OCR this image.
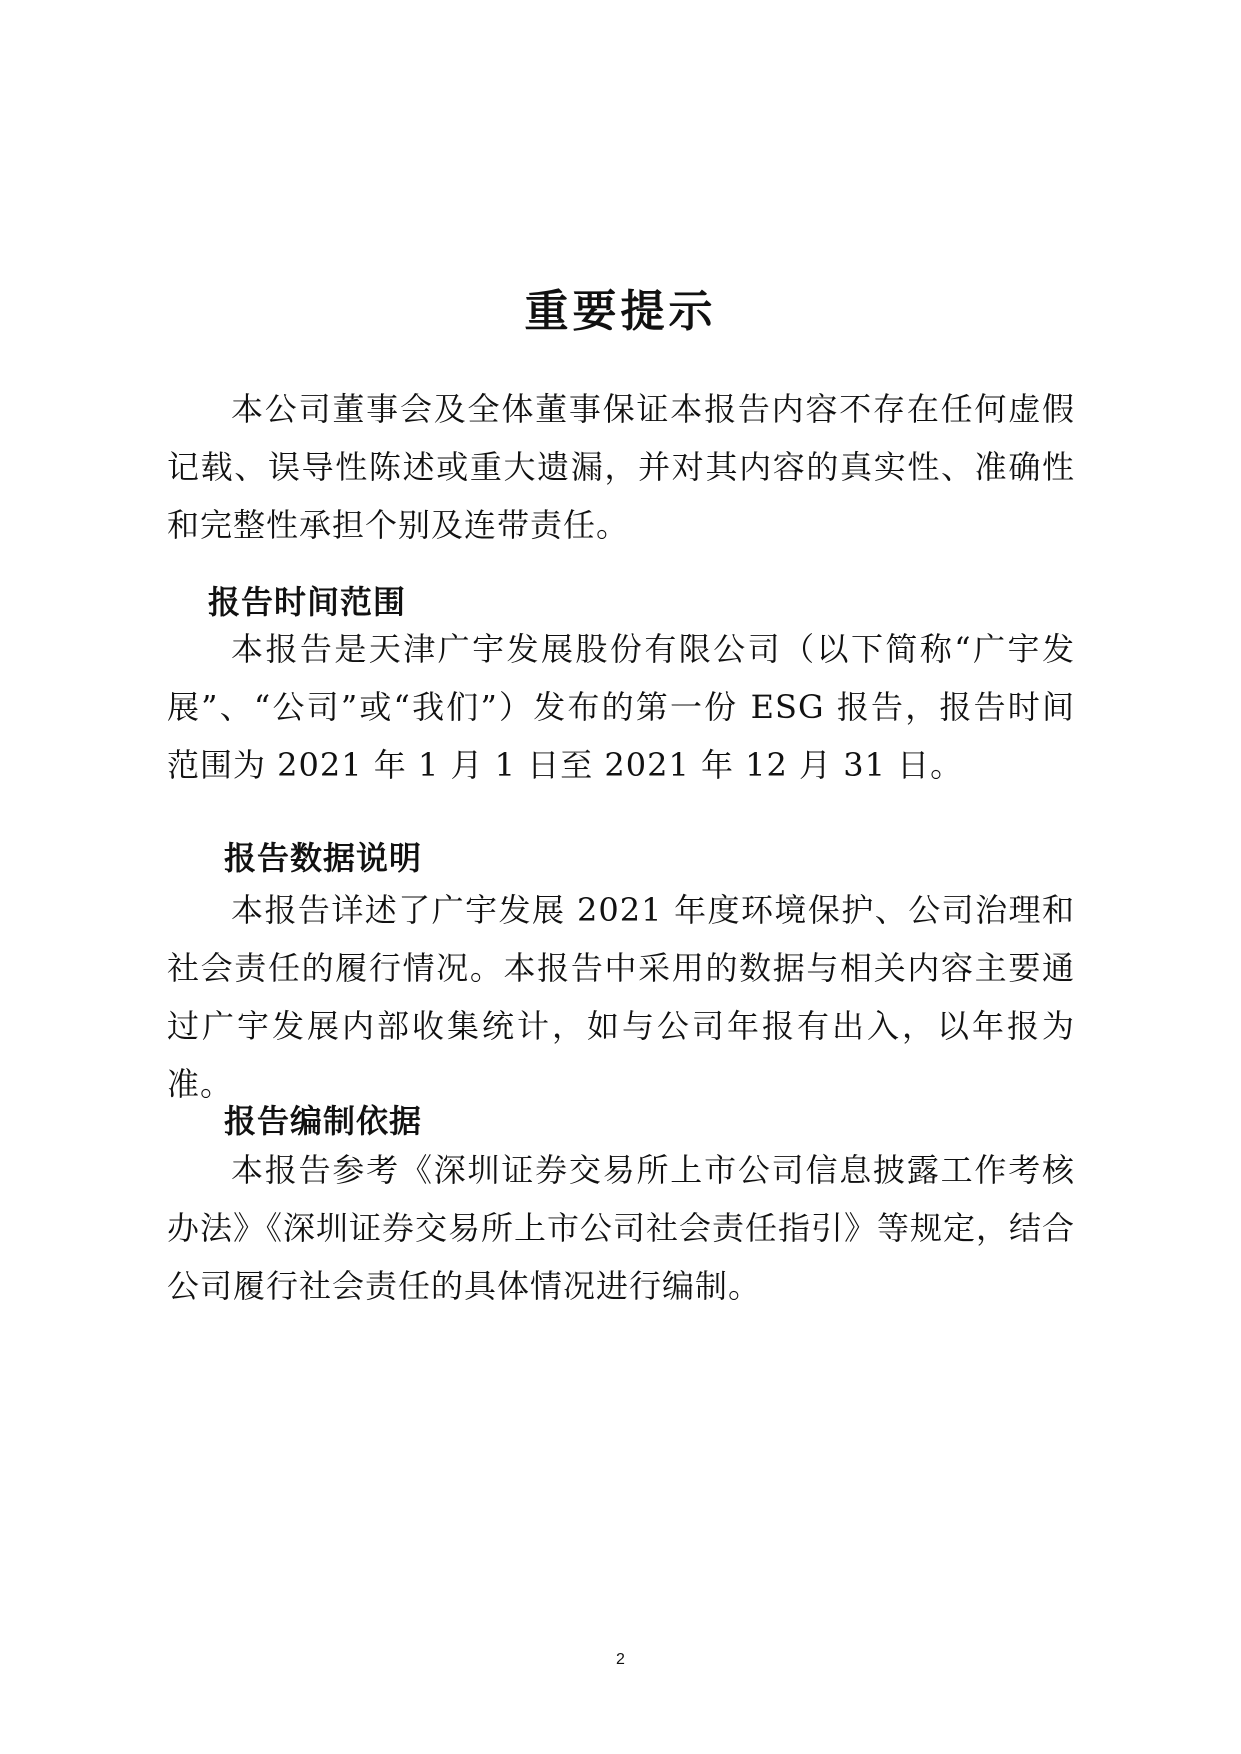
重要提示

本公司董事会及全体董事保证本报告内容不存在任何虚假记载、误导性陈述或重大遗漏，并对其内容的真实性、准确性和完整性承担个别及连带责任。

报告时间范围

本报告是天津广宇发展股份有限公司（以下简称“广宇发展”、“公司”或“我们”）发布的第一份 ESG 报告，报告时间范围为 2021 年 1 月 1 日至 2021 年 12 月 31 日。

报告数据说明

本报告详述了广宇发展 2021 年度环境保护、公司治理和社会责任的履行情况。本报告中采用的数据与相关内容主要通过广宇发展内部收集统计，如与公司年报有出入，以年报为准。

报告编制依据

本报告参考《深圳证券交易所上市公司信息披露工作考核办法》《深圳证券交易所上市公司社会责任指引》等规定，结合公司履行社会责任的具体情况进行编制。

2
